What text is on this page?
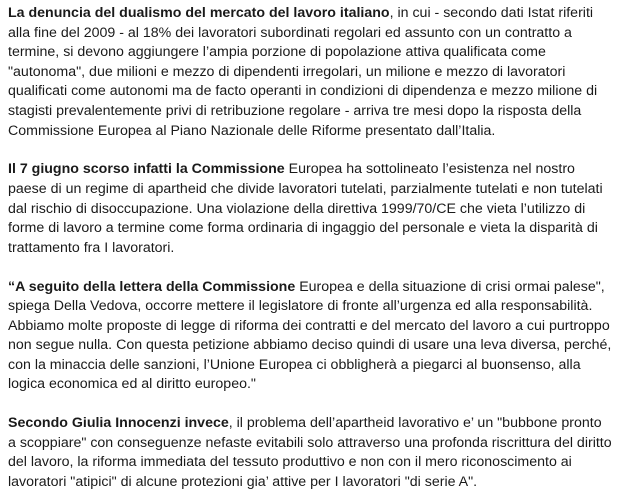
La denuncia del dualismo del mercato del lavoro italiano, in cui - secondo dati Istat riferiti alla fine del 2009 - al 18% dei lavoratori subordinati regolari ed assunto con un contratto a termine, si devono aggiungere l’ampia porzione di popolazione attiva qualificata come "autonoma", due milioni e mezzo di dipendenti irregolari, un milione e mezzo di lavoratori qualificati come autonomi ma de facto operanti in condizioni di dipendenza e mezzo milione di stagisti prevalentemente privi di retribuzione regolare - arriva tre mesi dopo la risposta della Commissione Europea al Piano Nazionale delle Riforme presentato dall’Italia.

Il 7 giugno scorso infatti la Commissione Europea ha sottolineato l’esistenza nel nostro paese di un regime di apartheid che divide lavoratori tutelati, parzialmente tutelati e non tutelati dal rischio di disoccupazione. Una violazione della direttiva 1999/70/CE che vieta l’utilizzo di forme di lavoro a termine come forma ordinaria di ingaggio del personale e vieta la disparità di trattamento fra I lavoratori.

“A seguito della lettera della Commissione Europea e della situazione di crisi ormai palese", spiega Della Vedova, occorre mettere il legislatore di fronte all’urgenza ed alla responsabilità. Abbiamo molte proposte di legge di riforma dei contratti e del mercato del lavoro a cui purtroppo non segue nulla. Con questa petizione abbiamo deciso quindi di usare una leva diversa, perché, con la minaccia delle sanzioni, l’Unione Europea ci obbligherà a piegarci al buonsenso, alla logica economica ed al diritto europeo."

Secondo Giulia Innocenzi invece, il problema dell’apartheid lavorativo e’ un "bubbone pronto a scoppiare" con conseguenze nefaste evitabili solo attraverso una profonda riscrittura del diritto del lavoro, la riforma immediata del tessuto produttivo e non con il mero riconoscimento ai lavoratori "atipici" di alcune protezioni gia’ attive per I lavoratori "di serie A".
